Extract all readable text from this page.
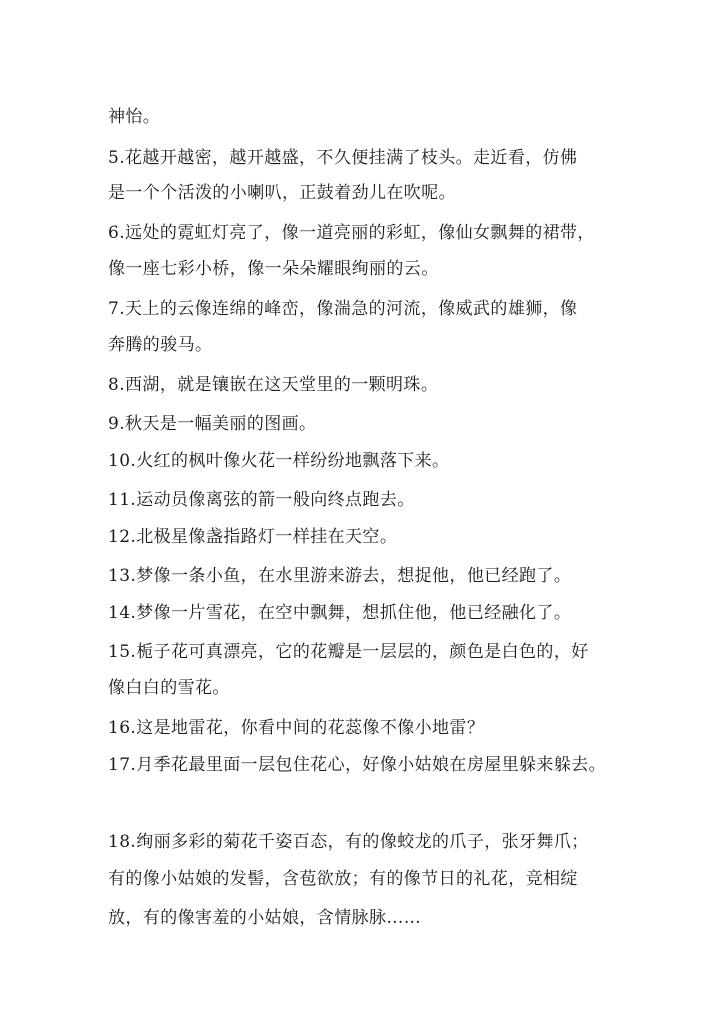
神怡。
5.花越开越密，越开越盛，不久便挂满了枝头。走近看，仿佛
是一个个活泼的小喇叭，正鼓着劲儿在吹呢。
6.远处的霓虹灯亮了，像一道亮丽的彩虹，像仙女飘舞的裙带，
像一座七彩小桥，像一朵朵耀眼绚丽的云。
7.天上的云像连绵的峰峦，像湍急的河流，像威武的雄狮，像
奔腾的骏马。
8.西湖，就是镶嵌在这天堂里的一颗明珠。
9.秋天是一幅美丽的图画。
10.火红的枫叶像火花一样纷纷地飘落下来。
11.运动员像离弦的箭一般向终点跑去。
12.北极星像盏指路灯一样挂在天空。
13.梦像一条小鱼，在水里游来游去，想捉他，他已经跑了。
14.梦像一片雪花，在空中飘舞，想抓住他，他已经融化了。
15.栀子花可真漂亮，它的花瓣是一层层的，颜色是白色的，好
像白白的雪花。
16.这是地雷花，你看中间的花蕊像不像小地雷？
17.月季花最里面一层包住花心，好像小姑娘在房屋里躲来躲去。
18.绚丽多彩的菊花千姿百态，有的像蛟龙的爪子，张牙舞爪；
有的像小姑娘的发髻，含苞欲放；有的像节日的礼花，竞相绽
放，有的像害羞的小姑娘，含情脉脉……
